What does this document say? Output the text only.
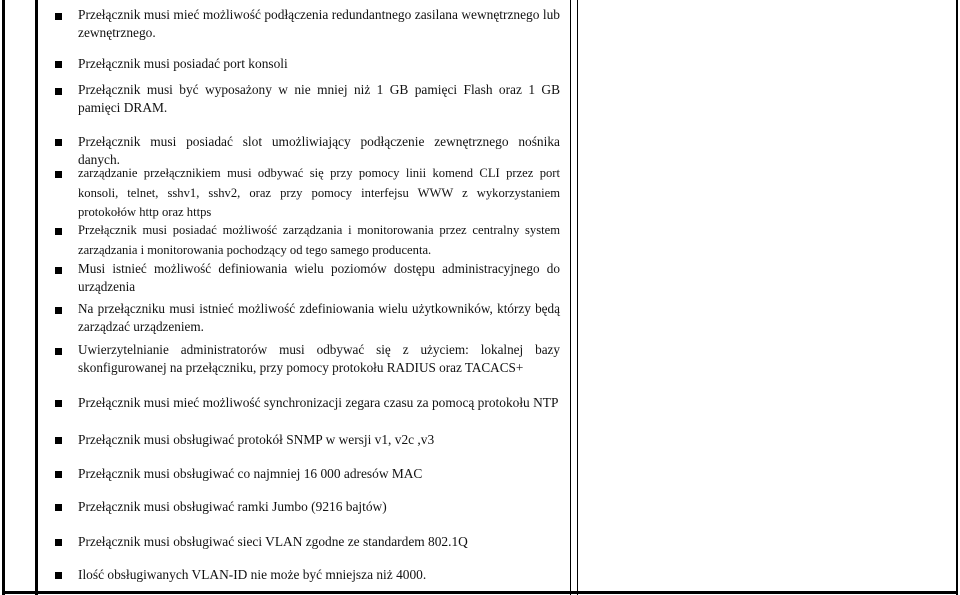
Przełącznik musi mieć możliwość podłączenia redundantnego zasilana wewnętrznego lub zewnętrznego.
Przełącznik musi posiadać port konsoli
Przełącznik musi być wyposażony w nie mniej niż 1 GB pamięci Flash oraz 1 GB pamięci DRAM.
Przełącznik musi posiadać slot umożliwiający podłączenie zewnętrznego nośnika danych.
zarządzanie przełącznikiem musi odbywać się przy pomocy linii komend CLI przez port konsoli, telnet, sshv1, sshv2, oraz przy pomocy interfejsu WWW z wykorzystaniem protokołów http oraz https
Przełącznik musi posiadać możliwość zarządzania i monitorowania przez centralny system zarządzania i monitorowania pochodzący od tego samego producenta.
Musi istnieć możliwość definiowania wielu poziomów dostępu administracyjnego do urządzenia
Na przełączniku musi istnieć możliwość zdefiniowania wielu użytkowników, którzy będą zarządzać urządzeniem.
Uwierzytelnianie administratorów musi odbywać się z użyciem: lokalnej bazy skonfigurowanej na przełączniku, przy pomocy protokołu RADIUS oraz TACACS+
Przełącznik musi mieć możliwość synchronizacji zegara czasu za pomocą protokołu NTP
Przełącznik musi obsługiwać protokół SNMP w wersji v1, v2c ,v3
Przełącznik musi obsługiwać co najmniej 16 000 adresów MAC
Przełącznik musi obsługiwać ramki Jumbo (9216 bajtów)
Przełącznik musi obsługiwać sieci VLAN zgodne ze standardem 802.1Q
Ilość obsługiwanych VLAN-ID nie może być mniejsza niż 4000.
